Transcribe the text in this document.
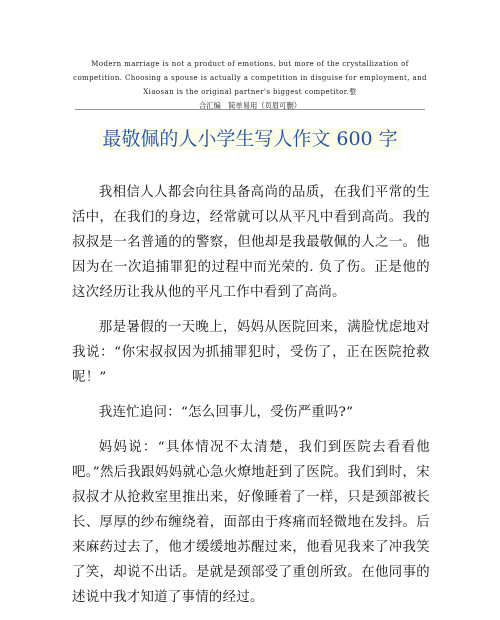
Modern marriage is not a product of emotions, but more of the crystallization of competition. Choosing a spouse is actually a competition in disguise for employment, and Xiaosan is the original partner's biggest competitor.整
合汇编　简单易用（页眉可删）
最敬佩的人小学生写人作文 600 字

我相信人人都会向往具备高尚的品质，在我们平常的生活中，在我们的身边，经常就可以从平凡中看到高尚。我的叔叔是一名普通的的警察，但他却是我最敬佩的人之一。他因为在一次追捕罪犯的过程中而光荣的. 负了伤。正是他的这次经历让我从他的平凡工作中看到了高尚。

那是暑假的一天晚上，妈妈从医院回来，满脸忧虑地对我说：“你宋叔叔因为抓捕罪犯时，受伤了，正在医院抢救呢！”

我连忙追问：“怎么回事儿，受伤严重吗?”

妈妈说：“具体情况不太清楚，我们到医院去看看他吧。”然后我跟妈妈就心急火燎地赶到了医院。我们到时，宋叔叔才从抢救室里推出来，好像睡着了一样，只是颈部被长长、厚厚的纱布缠绕着，面部由于疼痛而轻微地在发抖。后来麻药过去了，他才缓缓地苏醒过来，他看见我来了冲我笑了笑，却说不出话。是就是颈部受了重创所致。在他同事的述说中我才知道了事情的经过。
